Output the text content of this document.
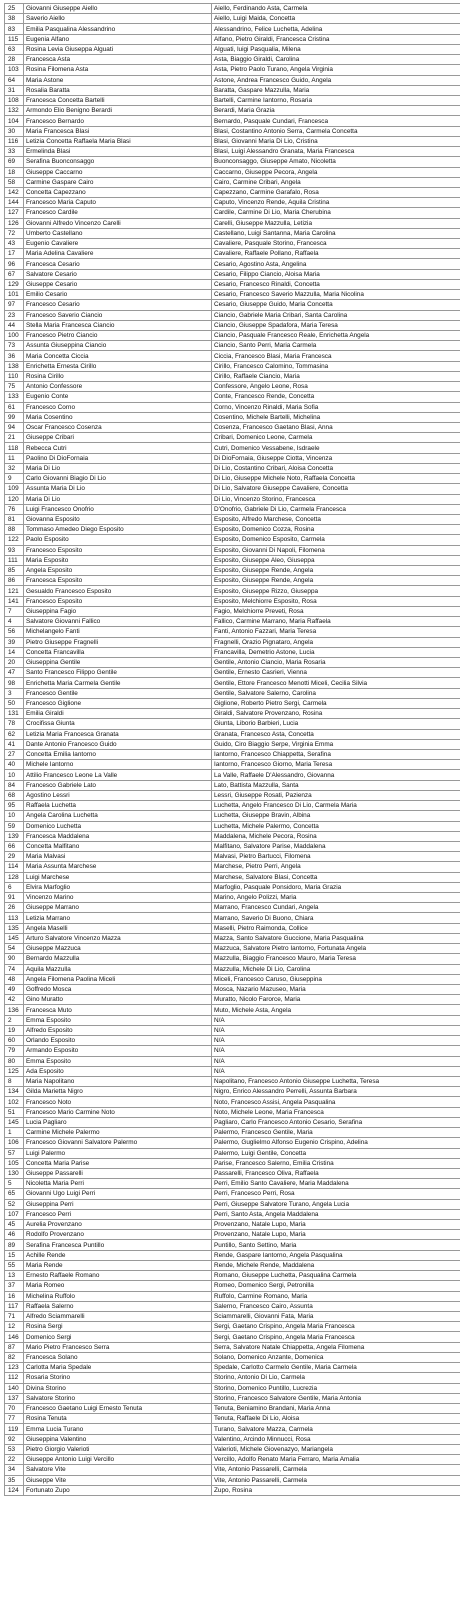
25	Giovanni Giuseppe Aiello	Aiello, Ferdinando Asta, Carmela
38	Saverio Aiello	Aiello, Luigi Maida, Concetta
83	Emilia Pasqualina Alessandrino	Alessandrino, Felice Luchetta, Adelina
115	Eugenia Alfano	Alfano, Pietro Giraldi, Francesca Cristina
63	Rosina Levia Giuseppa Alguati	Alguati, luigi Pasqualia, Milena
28	Francesca Asta	Asta, Biaggio Giraldi, Carolina
103	Rosina Filomena Asta	Asta, Pietro Paolo Turano, Angela Virginia
64	Maria Astone	Astone, Andrea Francesco Guido, Angela
31	Rosalia Baratta	Baratta, Gaspare Mazzulla, Maria
108	Francesca Concetta Bartelli	Bartelli, Carmine Iantorno, Rosaria
132	Armondo Elio Benigno Berardi	Berardi, Maria Grazia
104	Francesco Bernardo	Bernardo, Pasquale Cundari, Francesca
30	Maria Francesca Blasi	Blasi, Costantino Antonio Serra, Carmela Concetta
116	Letizia Concetta Raffaela Maria Blasi	Blasi, Giovanni Maria Di Lio, Cristina
33	Ermelinda Blasi	Blasi, Luigi Alessandro Granata, Maria Francesca
69	Serafina Buonconsaggo	Buonconsaggo, Giuseppe Amato, Nicoletta
18	Giuseppe Caccarno	Caccarno, Giuseppe Pecora, Angela
58	Carmine Gaspare Cairo	Cairo, Carmine Cribari, Angela
142	Concetta Capezzano	Capezzano, Carmine Garafalo, Rosa
144	Francesco Maria Caputo	Caputo, Vincenzo Rende, Aquila Cristina
127	Francesco Cardile	Cardile, Carmine Di Lio, Maria Cherubina
126	Giovanni Alfredo Vincenzo Carelli	Carelli, Giuseppe Mazzulla, Letizia
72	Umberto Castellano	Castellano, Luigi Santanna, Maria Carolina
43	Eugenio Cavaliere	Cavaliere, Pasquale Storino, Francesca
17	Maria Adelina Cavaliere	Cavaliere, Raffaele Pollano, Raffaela
96	Francesca Cesario	Cesario, Agostino Asta, Angelina
67	Salvatore Cesario	Cesario, Filippo Ciancio, Aloisa Maria
129	Giuseppe Cesario	Cesario, Francesco Rinaldi, Concetta
101	Emilio Cesario	Cesario, Francesco Saverio Mazzulla, Maria Nicolina
97	Francesco Cesario	Cesario, Giuseppe Guido, Maria Concetta
23	Francesco Saverio Ciancio	Ciancio, Gabriele Maria Cribari, Santa Carolina
44	Stella Maria Francesca Ciancio	Ciancio, Giuseppe Spadafora, Maria Teresa
100	Francesco Pietro Ciancio	Ciancio, Pasquale Francesco Reale, Enrichetta Angela
73	Assunta Giuseppina Ciancio	Ciancio, Santo Perri, Maria Carmela
36	Maria Concetta Ciccia	Ciccia, Francesco Blasi, Maria Francesca
138	Enrichetta Ernesta Cirillo	Cirillo, Francesco Calomino, Tommasina
110	Rosina Cirillo	Cirillo, Raffaele Ciancio, Maria
75	Antonio Confessore	Confessore, Angelo Leone, Rosa
133	Eugenio Conte	Conte, Francesco Rende, Concetta
61	Francesco Corno	Corno, Vincenzo Rinaldi, Maria Sofia
99	Maria Cosentino	Cosentino, Michele Bartelli, Michelina
94	Oscar Francesco Cosenza	Cosenza, Francesco Gaetano Blasi, Anna
21	Giuseppe Cribari	Cribari, Domenico Leone, Carmela
118	Rebecca Cutri	Cutri, Domenico Vessabene, Isdraele
11	Paolino Di DioFornaia	Di DioFornaia, Giuseppe Ciotta, Vincenza
32	Maria Di Lio	Di Lio, Costantino Cribari, Aloisa Concetta
9	Carlo Giovanni Biagio Di Lio	Di Lio, Giuseppe Michele Noto, Raffaela Concetta
109	Assunta Maria Di Lio	Di Lio, Salvatore Giuseppe Cavaliere, Concetta
120	Maria Di Lio	Di Lio, Vincenzo Storino, Francesca
76	Luigi Francesco Onofrio	D'Onofrio, Gabriele Di Lio, Carmela Francesca
81	Giovanna Esposito	Esposito, Alfredo Marchese, Concetta
88	Tommaso Amedeo Diego Esposito	Esposito, Domenico Cozza, Rosina
122	Paolo Esposito	Esposito, Domenico Esposito, Carmela
93	Francesco Esposito	Esposito, Giovanni Di Napoli, Filomena
111	Maria Esposito	Esposito, Giuseppe Aleo, Giuseppa
85	Angela Esposito	Esposito, Giuseppe Rende, Angela
86	Francesca Esposito	Esposito, Giuseppe Rende, Angela
121	Gesualdo Francesco Esposito	Esposito, Giuseppe Rizzo, Giuseppa
141	Francesco Esposito	Esposito, Melchiorre Esposito, Rosa
7	Giuseppina Fagio	Fagio, Melchiorre Preveti, Rosa
4	Salvatore Giovanni Fallico	Fallico, Carmine Marrano, Maria Raffaela
56	Michelangelo Fanti	Fanti, Antonio Fazzari, Maria Teresa
39	Pietro Giuseppe Fragnelli	Fragnelli, Orazio Pignataro, Angela
14	Concetta Francavilla	Francavilla, Demetrio Astone, Lucia
20	Giuseppina Gentile	Gentile, Antonio Ciancio, Maria Rosaria
47	Santo Francesco Filippo Gentile	Gentile, Ernesto Casrieri, Vienna
98	Enrichetta Maria Carmela Gentile	Gentile, Ettore Francesco Menotti Miceli, Cecilia Silvia
3	Francesco Gentile	Gentile, Salvatore Salerno, Carolina
50	Francesco Giglione	Giglione, Roberto Pietro Sergi, Carmela
131	Emilia Giraldi	Giraldi, Salvatore Provenzano, Rosina
78	Crocifissa Giunta	Giunta, Liborio Barbieri, Lucia
62	Letizia Maria Francesca Granata	Granata, Francesco Asta, Concetta
41	Dante Antonio Francesco Guido	Guido, Ciro Biaggio Serpe, Virginia Emma
27	Concetta Emilia Iantorno	Iantorno, Francesco Chiappetta, Serafina
40	Michele Iantorno	Iantorno, Francesco Giorno, Maria Teresa
10	Attilio Francesco Leone La Valle	La Valle, Raffaele D'Alessandro, Giovanna
84	Francesco Gabriele Lato	Lato, Battista Mazzulla, Santa
68	Agostino Lessri	Lessri, Giuseppe Rosati, Pazienza
95	Raffaela Luchetta	Luchetta, Angelo Francesco Di Lio, Carmela Maria
10	Angela Carolina Luchetta	Luchetta, Giuseppe Bravin, Albina
59	Domenico Luchetta	Luchetta, Michele Palermo, Concetta
139	Francesca Maddalena	Maddalena, Michele Pecora, Rosina
66	Concetta Malfitano	Malfitano, Salvatore Parise, Maddalena
29	Maria Malvasi	Malvasi, Pietro Bartucci, Filomena
114	Maria Assunta Marchese	Marchese, Pietro Perri, Angela
128	Luigi Marchese	Marchese, Salvatore Blasi, Concetta
6	Elvira Marfoglio	Marfoglio, Pasquale Ponsidoro, Maria Grazia
91	Vincenzo Marino	Marino, Angelo Polizzi, Maria
26	Giuseppe Marrano	Marrano, Francesco Cundari, Angela
113	Letizia Marrano	Marrano, Saverio Di Buono, Chiara
135	Angela Maselli	Maselli, Pietro Raimonda, Collice
145	Arturo Salvatore Vincenzo Mazza	Mazza, Santo Salvatore Guccione, Maria Pasqualina
54	Giuseppe Mazzuca	Mazzuca, Salvatore Pietro Iantorno, Fortunata Angela
90	Bernardo Mazzulla	Mazzulla, Biaggio Francesco Mauro, Maria Teresa
74	Aquila Mazzulla	Mazzulla, Michele Di Lio, Carolina
48	Angela Filomena Paolina Miceli	Miceli, Francesco Caruso, Giuseppina
49	Goffredo Mosca	Mosca, Nazario Mazuseo, Maria
42	Gino Muratto	Muratto, Nicolo Farorce, Maria
136	Francesca Muto	Muto, Michele Asta, Angela
2	Emma Esposito	N/A
19	Alfredo Esposito	N/A
60	Orlando Esposito	N/A
79	Armando Esposito	N/A
80	Emma Esposito	N/A
125	Ada Esposito	N/A
8	Maria Napolitano	Napolitano, Francesco Antonio Giuseppe Luchetta, Teresa
134	Gilda Marietta Nigro	Nigro, Enrico Alessandro Perrelli, Assunta Barbara
102	Francesco Noto	Noto, Francesco Assisi, Angela Pasqualina
51	Francesco Mario Carmine Noto	Noto, Michele Leone, Maria Francesca
145	Lucia Pagliaro	Pagliaro, Carlo Francesco Antonio Cesario, Serafina
1	Carmine Michele Palermo	Palermo, Francesco Gentile, Maria
106	Francesco Giovanni Salvatore Palermo	Palermo, Guglielmo Alfonso Eugenio Crispino, Adelina
57	Luigi Palermo	Palermo, Luigi Gentile, Concetta
105	Concetta Maria Parise	Parise, Francesco Salerno, Emilia Cristina
130	Giuseppe Passarelli	Passarelli, Francesco Oliva, Raffaela
5	Nicoletta Maria Perri	Perri, Emilio Santo Cavaliere, Maria Maddalena
65	Giovanni Ugo Luigi Perri	Perri, Francesco Perri, Rosa
52	Giuseppina Perri	Perri, Giuseppe Salvatore Turano, Angela Lucia
107	Francesco Perri	Perri, Santo Asta, Angela Maddalena
45	Aurelia Provenzano	Provenzano, Natale Lupo, Maria
46	Rodolfo Provenzano	Provenzano, Natale Lupo, Maria
89	Serafina Francesca Puntillo	Puntillo, Santo Settino, Maria
15	Achille Rende	Rende, Gaspare Iantorno, Angela Pasqualina
55	Maria Rende	Rende, Michele Rende, Maddalena
13	Ernesto Raffaele Romano	Romano, Giuseppe Luchetta, Pasqualina Carmela
37	Maria Romeo	Romeo, Domenico Sergi, Petronilla
16	Michelina Ruffolo	Ruffolo, Carmine Romano, Maria
117	Raffaela Salerno	Salerno, Francesco Cairo, Assunta
71	Alfredo Sciammarelli	Sciammarelli, Giovanni Fata, Maria
12	Rosina Sergi	Sergi, Gaetano Crispino, Angela Maria Francesca
146	Domenico Sergi	Sergi, Gaetano Crispino, Angela Maria Francesca
87	Mario Pietro Francesco Serra	Serra, Salvatore Natale Chiappetta, Angela Filomena
82	Francesca Solano	Solano, Domenico Anzante, Domenica
123	Carlotta Maria Spedale	Spedale, Carlotto Carmelo Gentile, Maria Carmela
112	Rosaria Storino	Storino, Antonio Di Lio, Carmela
140	Divina Storino	Storino, Domenico Puntillo, Lucrezia
137	Salvatore Storino	Storino, Francesco Salvatore Gentile, Maria Antonia
70	Francesco Gaetano Luigi Ernesto Tenuta	Tenuta, Beniamino Brandani, Maria Anna
77	Rosina Tenuta	Tenuta, Raffaele Di Lio, Aloisa
119	Emma Lucia Turano	Turano, Salvatore Mazza, Carmela
92	Giuseppina Valentino	Valentino, Arcindo Minnucci, Rosa
53	Pietro Giorgio Valerioti	Valerioti, Michele Giovenazyo, Mariangela
22	Giuseppe Antonio Luigi Vercillo	Vercillo, Adolfo Renato Maria Ferraro, Maria Amalia
34	Salvatore Vite	Vite, Antonio Passarelli, Carmela
35	Giuseppe Vite	Vite, Antonio Passarelli, Carmela
124	Fortunato Zupo	Zupo, Rosina
